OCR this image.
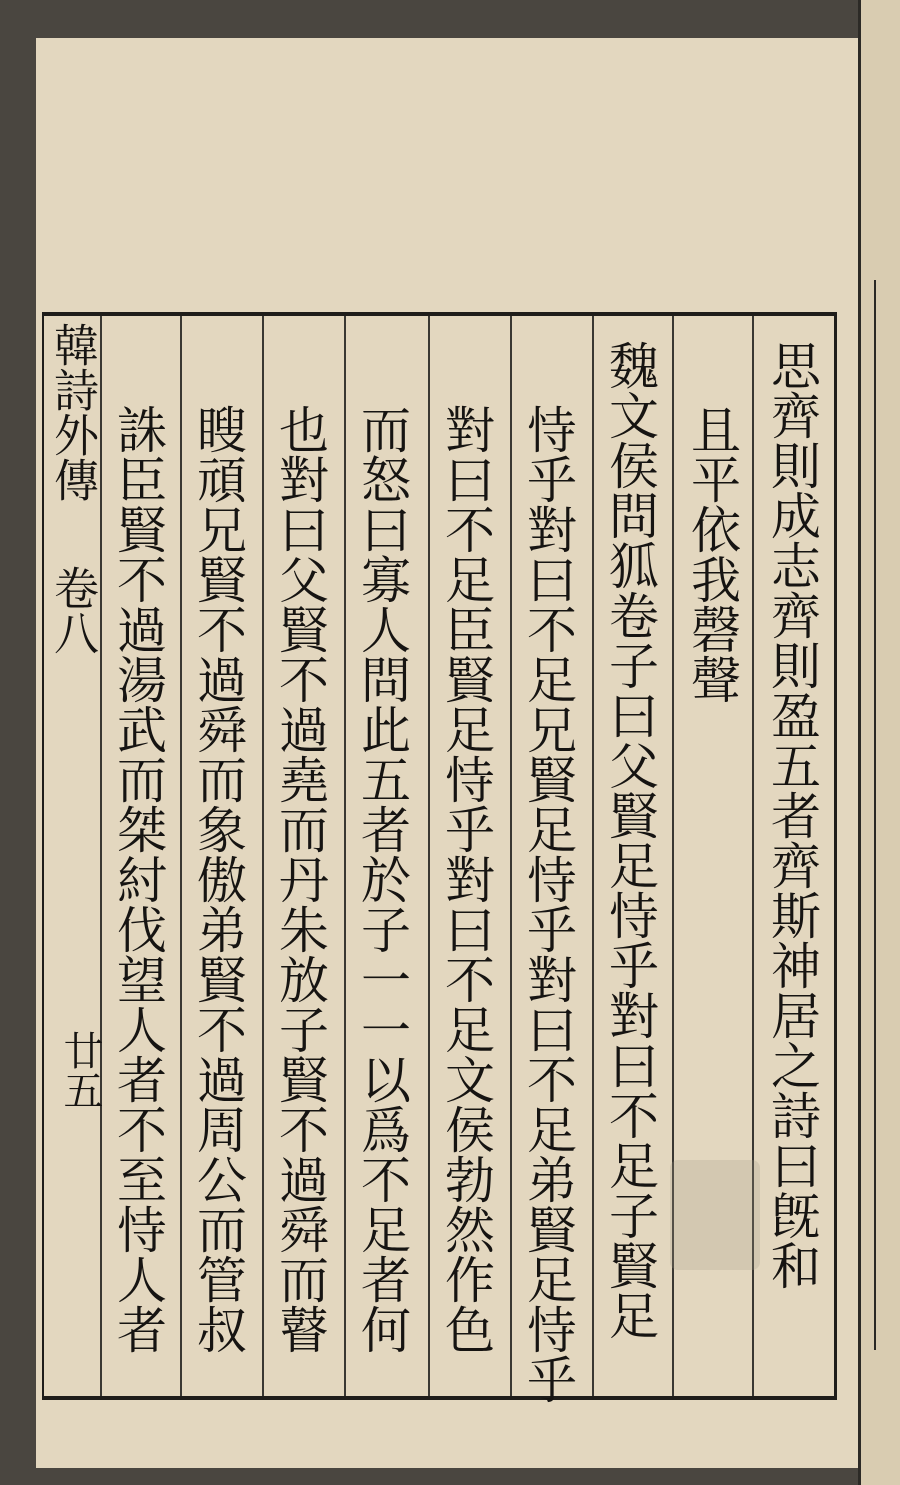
韓詩外傳
卷八
廿五	思齊則成志齊則盈五者齊斯神居之詩曰旣和
且平依我磬聲
魏文侯問狐卷子曰父賢足恃乎對曰不足子賢足
恃乎對曰不足兄賢足恃乎對曰不足弟賢足恃乎
對曰不足臣賢足恃乎對曰不足文侯勃然作色
而怒曰寡人問此五者於子一一以爲不足者何
也對曰父賢不過堯而丹朱放子賢不過舜而瞽
瞍頑兄賢不過舜而象傲弟賢不過周公而管叔
誅臣賢不過湯武而桀紂伐望人者不至恃人者
